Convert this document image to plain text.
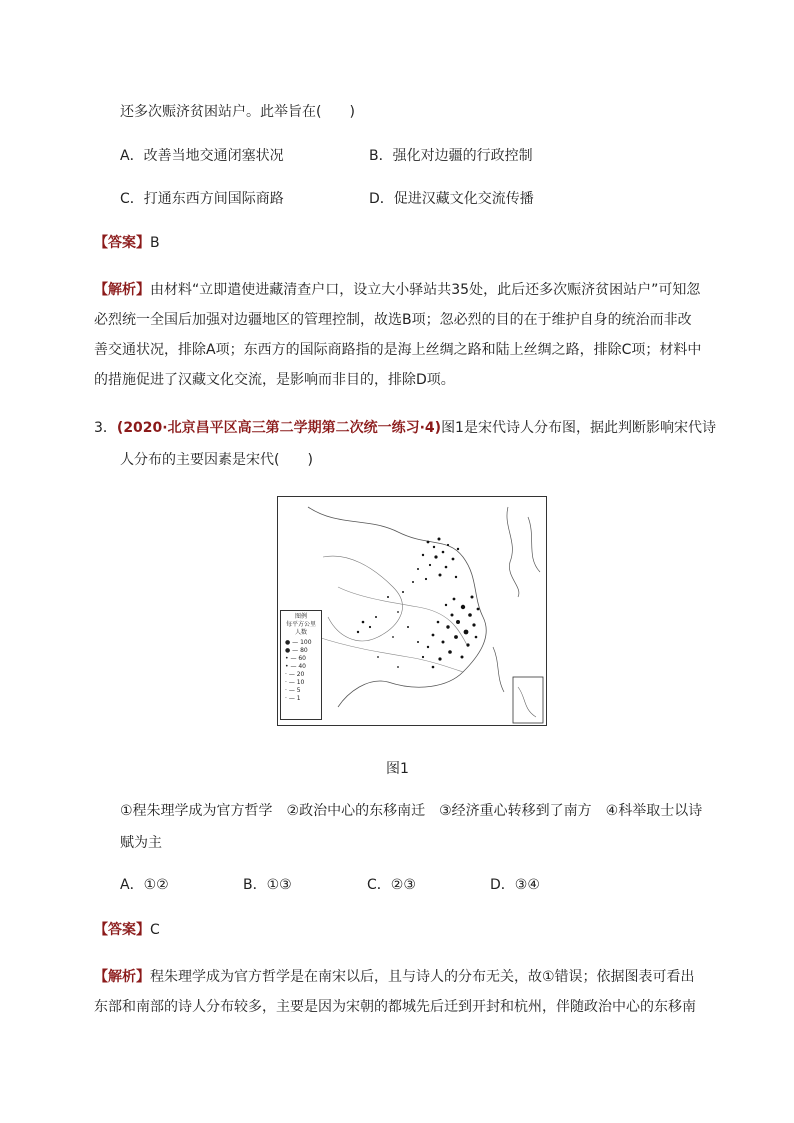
还多次赈济贫困站户。此举旨在(　　)
A．改善当地交通闭塞状况	B．强化对边疆的行政控制
C．打通东西方间国际商路	D．促进汉藏文化交流传播
【答案】B
【解析】由材料“立即遣使进藏清查户口，设立大小驿站共35处，此后还多次赈济贫困站户”可知忽必烈统一全国后加强对边疆地区的管理控制，故选B项；忽必烈的目的在于维护自身的统治而非改善交通状况，排除A项；东西方的国际商路指的是海上丝绸之路和陆上丝绸之路，排除C项；材料中的措施促进了汉藏文化交流，是影响而非目的，排除D项。
3．(2020·北京昌平区高三第二学期第二次统一练习·4)图1是宋代诗人分布图，据此判断影响宋代诗
人分布的主要因素是宋代(　　)
图例
每平方公里
人数
● — 100
● — 80
• — 60
• — 40
· — 20
· — 10
· — 5
· — 1
图1
①程朱理学成为官方哲学　②政治中心的东移南迁　③经济重心转移到了南方　④科举取士以诗
赋为主
A．①②	B．①③	C．②③	D．③④
【答案】C
【解析】程朱理学成为官方哲学是在南宋以后，且与诗人的分布无关，故①错误；依据图表可看出东部和南部的诗人分布较多，主要是因为宋朝的都城先后迁到开封和杭州，伴随政治中心的东移南
